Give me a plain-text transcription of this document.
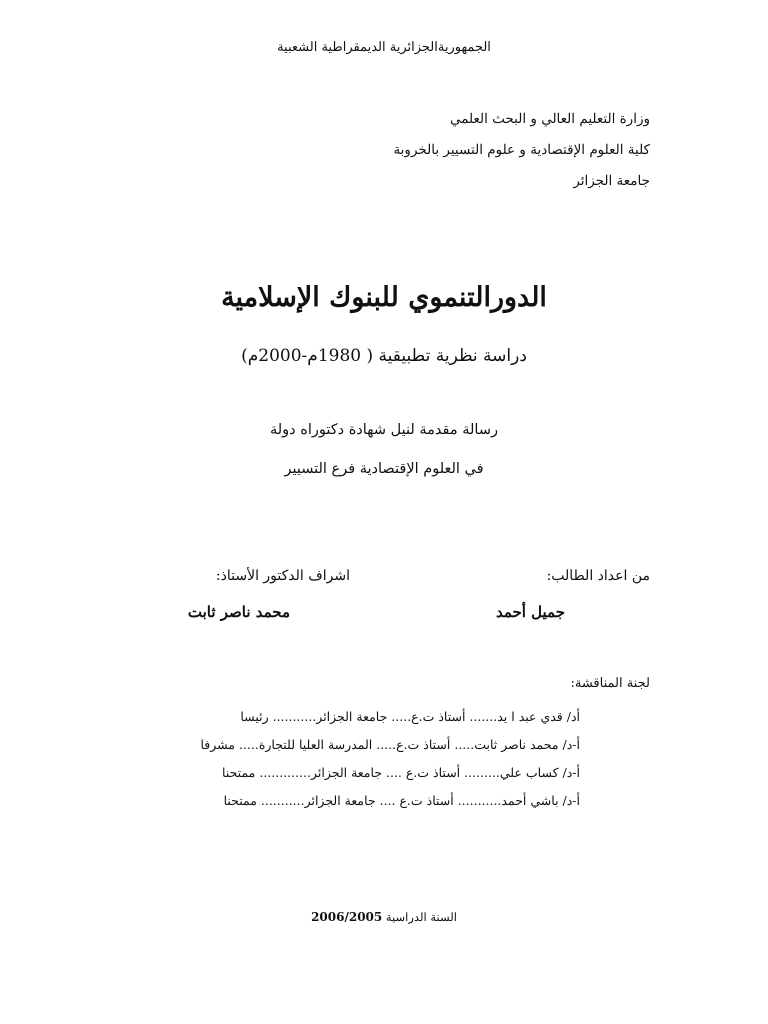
الجمهوريةالجزائرية الديمقراطية الشعبية
وزارة التعليم العالي و البحث العلمي
كلية العلوم الإقتصادية و علوم التسيير بالخروبة
جامعة الجزائر
الدورالتنموي للبنوك الإسلامية
دراسة نظرية تطبيقية ( 1980م-2000م)
رسالة مقدمة لنيل شهادة دكتوراه دولة
في العلوم الإقتصادية فرع التسيير
من اعداد الطالب:
جميل أحمد
اشراف الدكتور الأستاذ:
محمد ناصر ثابت
لجنة المناقشة:
أد/ قدي عبد ا يد....... أستاذ ت.ع..... جامعة الجزائر........... رئيسا
أ-د/ محمد ناصر ثابت..... أستاذ ت.ع..... المدرسة العليا للتجارة..... مشرفا
أ-د/ كساب علي......... أستاذ ت.ع .... جامعة الجزائر............. ممتحنا
أ-د/ باشي أحمد........... أستاذ ت.ع .... جامعة الجزائر........... ممتحنا
السنة الدراسية 2006/2005
